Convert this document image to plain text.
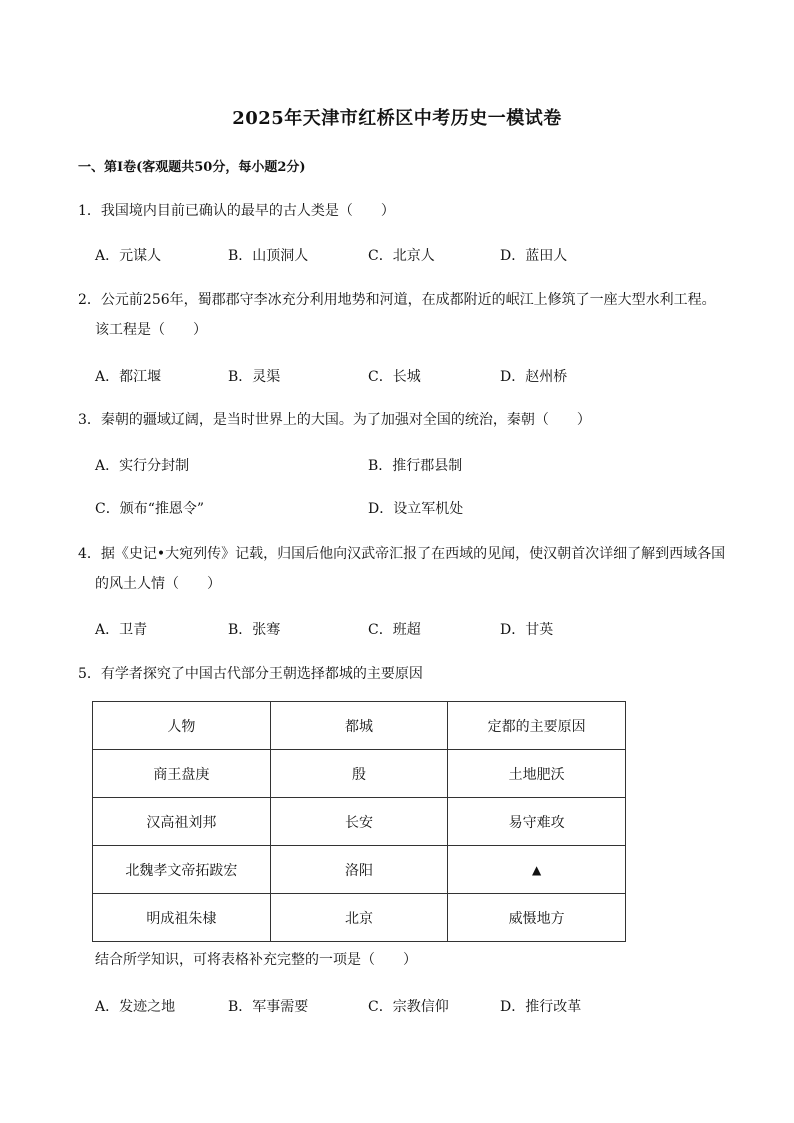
2025年天津市红桥区中考历史一模试卷
一、第Ⅰ卷(客观题共50分，每小题2分)
1．我国境内目前已确认的最早的古人类是（　　）
A．元谋人	B．山顶洞人	C．北京人	D．蓝田人
2．公元前256年，蜀郡郡守李冰充分利用地势和河道，在成都附近的岷江上修筑了一座大型水利工程。
该工程是（　　）
A．都江堰	B．灵渠	C．长城	D．赵州桥
3．秦朝的疆域辽阔，是当时世界上的大国。为了加强对全国的统治，秦朝（　　）
A．实行分封制	B．推行郡县制
C．颁布“推恩令”	D．设立军机处
4．据《史记•大宛列传》记载，归国后他向汉武帝汇报了在西域的见闻，使汉朝首次详细了解到西域各国
的风土人情（　　）
A．卫青	B．张骞	C．班超	D．甘英
5．有学者探究了中国古代部分王朝选择都城的主要原因
人物	都城	定都的主要原因
商王盘庚	殷	土地肥沃
汉高祖刘邦	长安	易守难攻
北魏孝文帝拓跋宏	洛阳	▲
明成祖朱棣	北京	威慑地方
结合所学知识，可将表格补充完整的一项是（　　）
A．发迹之地	B．军事需要	C．宗教信仰	D．推行改革
